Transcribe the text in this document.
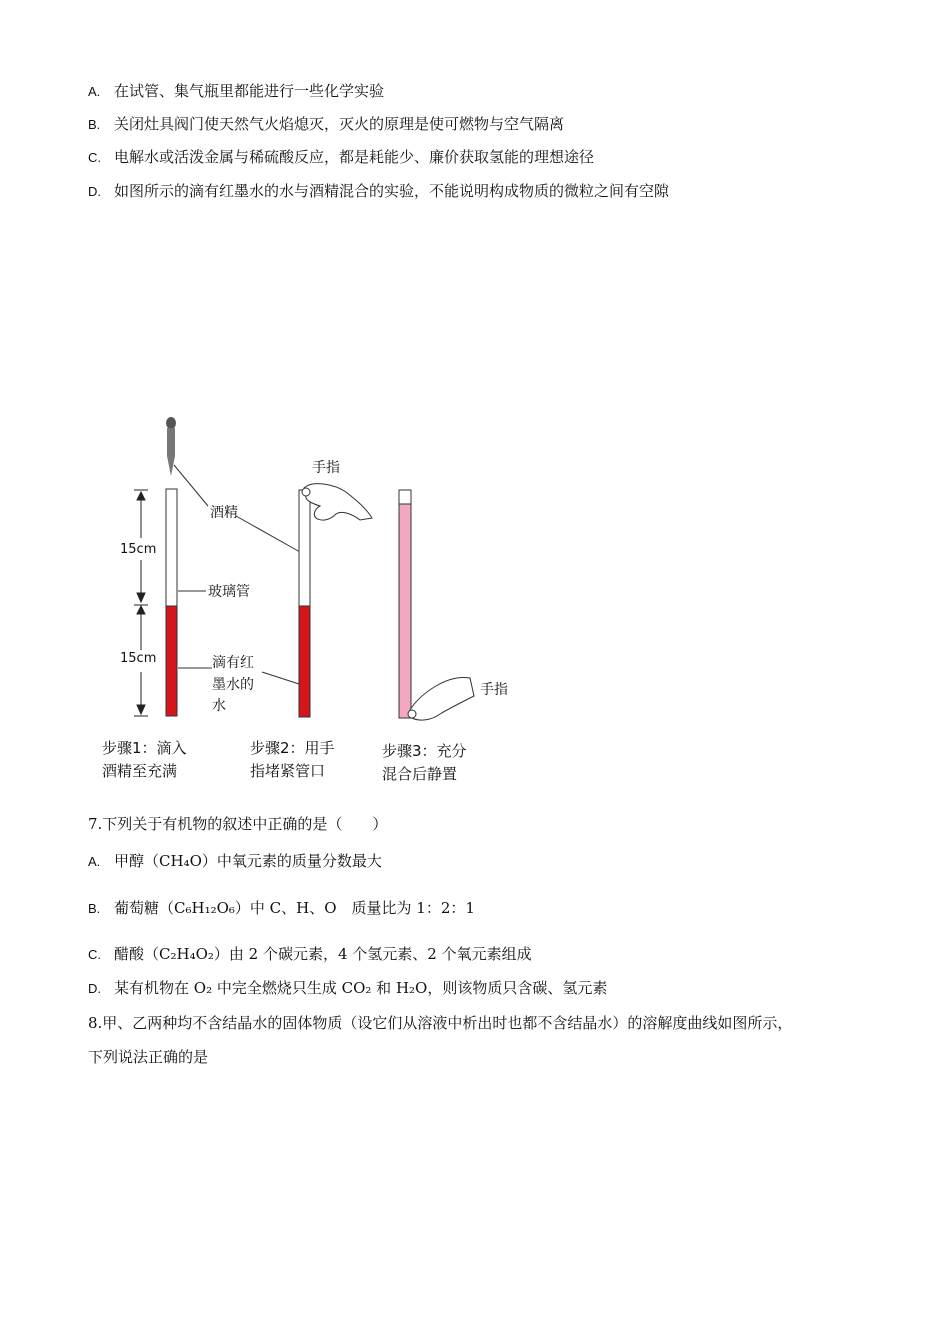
A. 在试管、集气瓶里都能进行一些化学实验
B. 关闭灶具阀门使天然气火焰熄灭，灭火的原理是使可燃物与空气隔离
C. 电解水或活泼金属与稀硫酸反应，都是耗能少、廉价获取氢能的理想途径
D. 如图所示的滴有红墨水的水与酒精混合的实验，不能说明构成物质的微粒之间有空隙
15cm
15cm
酒精
玻璃管
滴有红
墨水的
水
手指
手指
步骤1：滴入
酒精至充满
步骤2：用手
指堵紧管口
步骤3：充分
混合后静置
7.下列关于有机物的叙述中正确的是（　　）
A. 甲醇（CH₄O）中氧元素的质量分数最大
B. 葡萄糖（C₆H₁₂O₆）中 C、H、O　质量比为 1：2：1
C. 醋酸（C₂H₄O₂）由 2 个碳元素，4 个氢元素、2 个氧元素组成
D. 某有机物在 O₂ 中完全燃烧只生成 CO₂ 和 H₂O，则该物质只含碳、氢元素
8.甲、乙两种均不含结晶水的固体物质（设它们从溶液中析出时也都不含结晶水）的溶解度曲线如图所示，
下列说法正确的是
